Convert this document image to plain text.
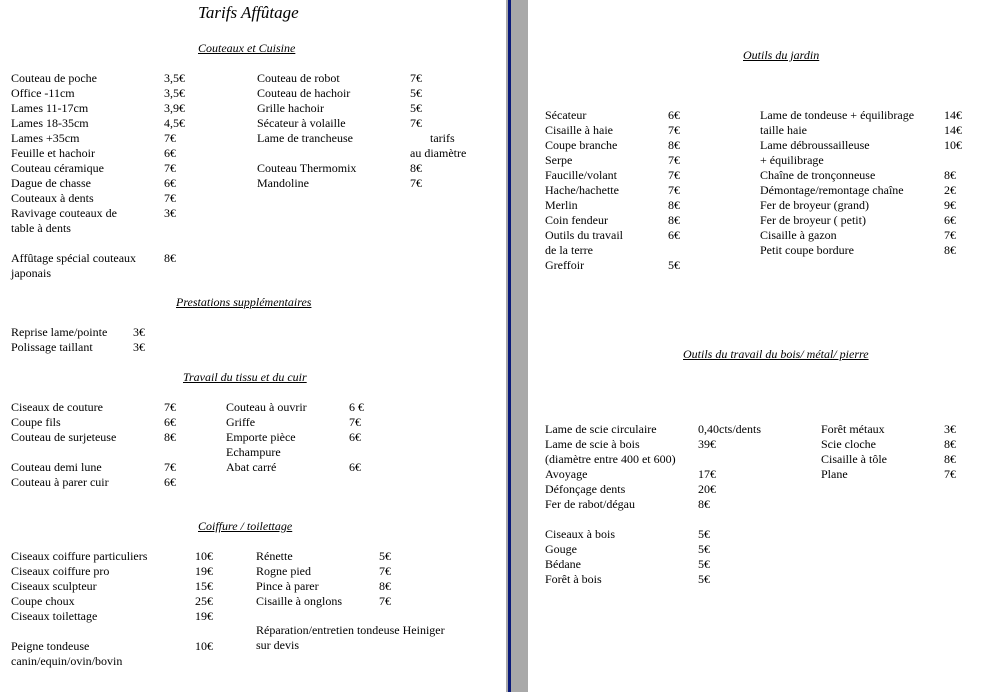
Tarifs Affûtage
Couteaux et Cuisine
Prestations supplémentaires
Travail du tissu et du cuir
Coiffure / toilettage
Outils du jardin
Outils du travail du bois/ métal/ pierre
Réparation/entretien tondeuse Heiniger
sur devis
Couteau de poche	3,5€
Office -11cm	3,5€
Lames 11-17cm	3,9€
Lames 18-35cm	4,5€
Lames +35cm	7€
Feuille et hachoir	6€
Couteau céramique	7€
Dague de chasse	6€
Couteaux à dents	7€
Ravivage couteaux de	3€
table à dents
Affûtage spécial couteaux 8€
japonais
Couteau de robot	7€
Couteau de hachoir	5€
Grille hachoir	5€
Sécateur à volaille	7€
Lame de trancheuse	tarifs
au diamètre
Couteau Thermomix	8€
Mandoline	7€
Reprise lame/pointe 3€
Polissage taillant	3€
Ciseaux de couture	7€
Coupe fils	6€
Couteau de surjeteuse	8€
Couteau demi lune	7€
Couteau à parer cuir	6€
Couteau à ouvrir	6 €
Griffe	7€
Emporte pièce	6€
Echampure
Abat carré	6€
Ciseaux coiffure particuliers	10€
Ciseaux coiffure pro	19€
Ciseaux sculpteur	15€
Coupe choux	25€
Ciseaux toilettage	19€
Peigne tondeuse	10€
canin/equin/ovin/bovin
Rénette	5€
Rogne pied	7€
Pince à parer	8€
Cisaille à onglons	7€
Sécateur	6€
Cisaille à haie	7€
Coupe branche	8€
Serpe	7€
Faucille/volant	7€
Hache/hachette	7€
Merlin	8€
Coin fendeur	8€
Outils du travail	6€
de la terre
Greffoir	5€
Lame de tondeuse + équilibrage 14€
taille haie	14€
Lame débroussailleuse	10€
+ équilibrage
Chaîne de tronçonneuse	8€
Démontage/remontage chaîne	2€
Fer de broyeur (grand)	9€
Fer de broyeur ( petit)	6€
Cisaille à gazon	7€
Petit coupe bordure	8€
Lame de scie circulaire	0,40cts/dents
Lame de scie à bois	39€
(diamètre entre 400 et 600)
Avoyage	17€
Défonçage dents	20€
Fer de rabot/dégau	8€
Ciseaux à bois	5€
Gouge	5€
Bédane	5€
Forêt à bois	5€
Forêt métaux	3€
Scie cloche	8€
Cisaille à tôle	8€
Plane	7€
